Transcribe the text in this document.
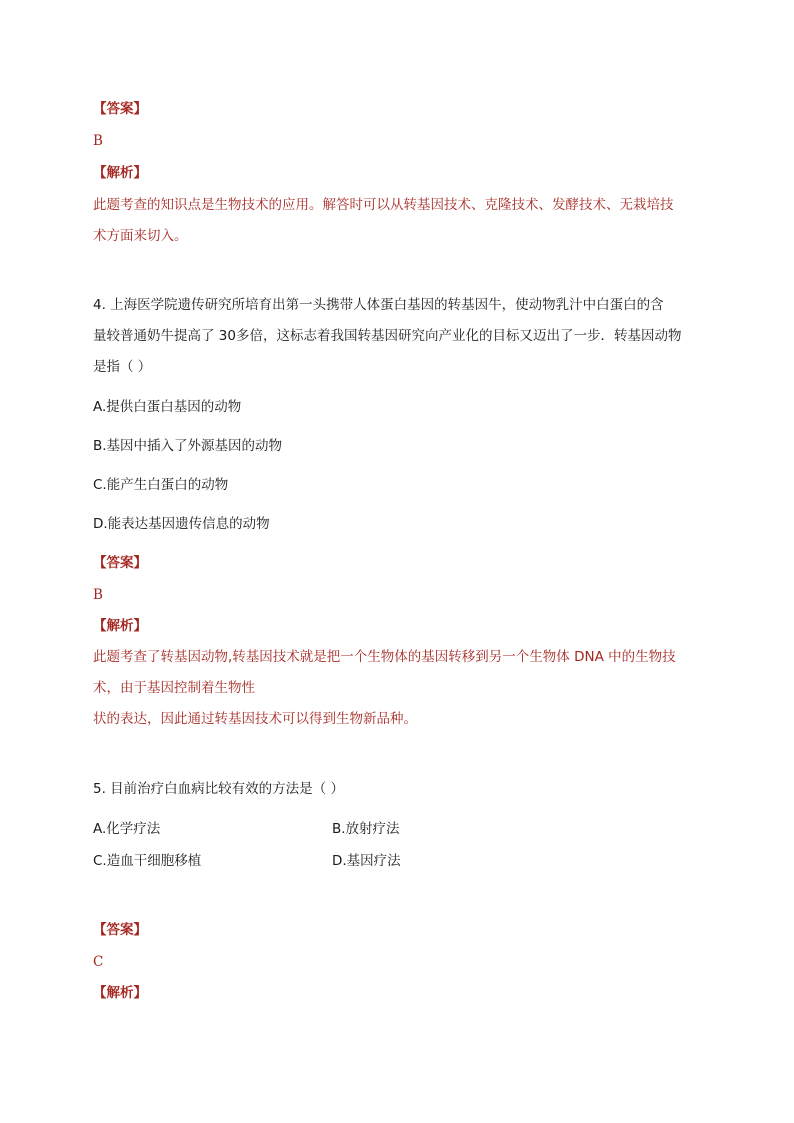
【答案】
B
【解析】
此题考查的知识点是生物技术的应用。解答时可以从转基因技术、克隆技术、发酵技术、无栽培技
术方面来切入。
4. 上海医学院遗传研究所培育出第一头携带人体蛋白基因的转基因牛，使动物乳汁中白蛋白的含
量较普通奶牛提高了 30多倍，这标志着我国转基因研究向产业化的目标又迈出了一步．转基因动物
是指（ ）
A.提供白蛋白基因的动物
B.基因中插入了外源基因的动物
C.能产生白蛋白的动物
D.能表达基因遗传信息的动物
【答案】
B
【解析】
此题考查了转基因动物,转基因技术就是把一个生物体的基因转移到另一个生物体 DNA 中的生物技
术，由于基因控制着生物性
状的表达，因此通过转基因技术可以得到生物新品种。
5. 目前治疗白血病比较有效的方法是（ ）
A.化学疗法	B.放射疗法
C.造血干细胞移植	D.基因疗法
【答案】
C
【解析】
